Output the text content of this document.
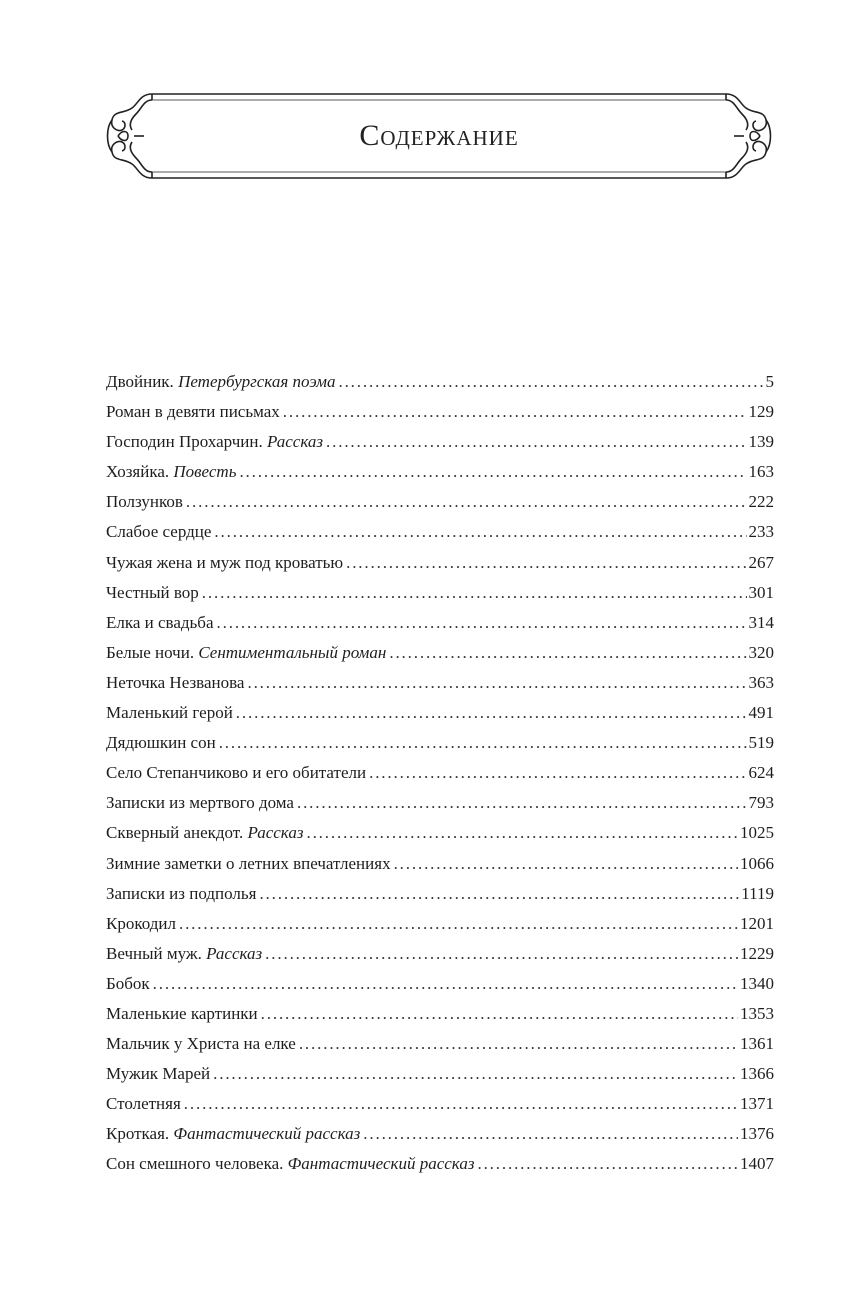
Содержание
Двойник. Петербургская поэма . . .	5
Роман в девяти письмах . . .	129
Господин Прохарчин. Рассказ . . .	139
Хозяйка. Повесть . . .	163
Ползунков . . .	222
Слабое сердце . . .	233
Чужая жена и муж под кроватью . . .	267
Честный вор . . .	301
Елка и свадьба . . .	314
Белые ночи. Сентиментальный роман . . .	320
Неточка Незванова . . .	363
Маленький герой . . .	491
Дядюшкин сон . . .	519
Село Степанчиково и его обитатели . . .	624
Записки из мертвого дома . . .	793
Скверный анекдот. Рассказ . . .	1025
Зимние заметки о летних впечатлениях . . .	1066
Записки из подполья . . .	1119
Крокодил . . .	1201
Вечный муж. Рассказ . . .	1229
Бобок . . .	1340
Маленькие картинки . . .	1353
Мальчик у Христа на елке . . .	1361
Мужик Марей . . .	1366
Столетняя . . .	1371
Кроткая. Фантастический рассказ . . .	1376
Сон смешного человека. Фантастический рассказ . . .	1407
